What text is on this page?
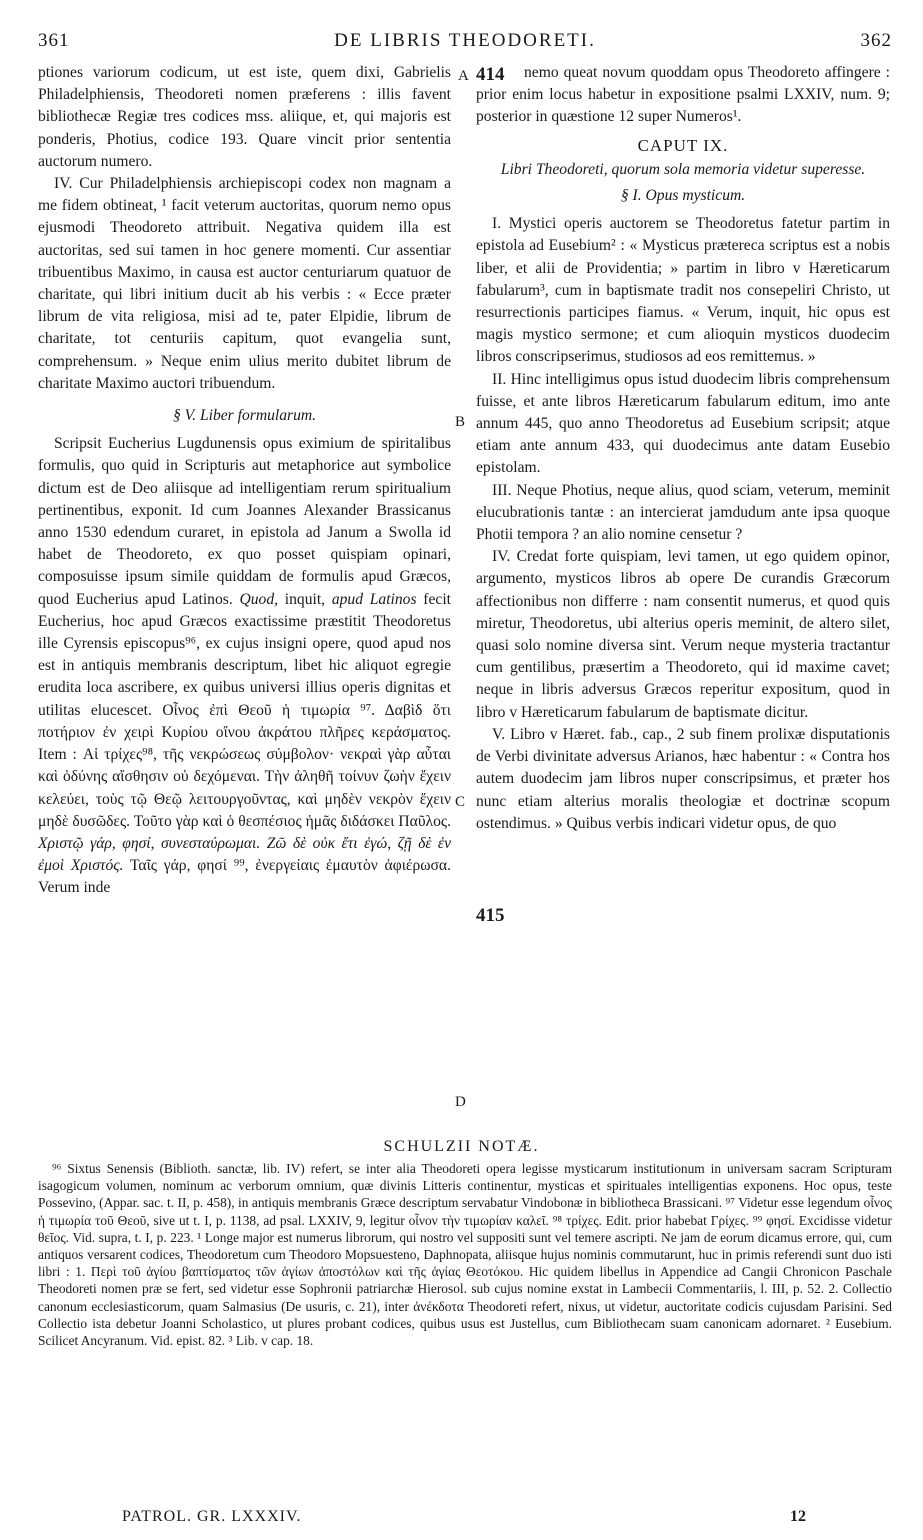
361	DE LIBRIS THEODORETI.	362
A 414
B
C
D
415

ptiones variorum codicum, ut est iste, quem dixi, Gabrielis Philadelphiensis, Theodoreti nomen præferens : illis favent bibliothecæ Regiæ tres codices mss. aliique, et, qui majoris est ponderis, Photius, codice 193. Quare vincit prior sententia auctorum numero.

IV. Cur Philadelphiensis archiepiscopi codex non magnam a me fidem obtineat, ¹ facit veterum auctoritas, quorum nemo opus ejusmodi Theodoreto attribuit. Negativa quidem illa est auctoritas, sed sui tamen in hoc genere momenti. Cur assentiar tribuentibus Maximo, in causa est auctor centuriarum quatuor de charitate, qui libri initium ducit ab his verbis : « Ecce præter librum de vita religiosa, misi ad te, pater Elpidie, librum de charitate, tot centuriis capitum, quot evangelia sunt, comprehensum. » Neque enim ulius merito dubitet librum de charitate Maximo auctori tribuendum.

§ V. Liber formularum.

Scripsit Eucherius Lugdunensis opus eximium de spiritalibus formulis, quo quid in Scripturis aut metaphorice aut symbolice dictum est de Deo aliisque ad intelligentiam rerum spiritualium pertinentibus, exponit. Id cum Joannes Alexander Brassicanus anno 1530 edendum curaret, in epistola ad Janum a Swolla id habet de Theodoreto, ex quo posset quispiam opinari, composuisse ipsum simile quiddam de formulis apud Græcos, quod Eucherius apud Latinos. Quod, inquit, apud Latinos fecit Eucherius, hoc apud Græcos exactissime præstitit Theodoretus ille Cyrensis episcopus⁹⁶, ex cujus insigni opere, quod apud nos est in antiquis membranis descriptum, libet hic aliquot egregie erudita loca ascribere, ex quibus universi illius operis dignitas et utilitas elucescet. Οἶνος ἐπὶ Θεοῦ ἡ τιμωρία ⁹⁷. Δαβὶδ ὅτι ποτήριον ἐν χειρὶ Κυρίου οἴνου ἀκράτου πλῆρες κεράσματος. Item : Αἱ τρίχες⁹⁸, τῆς νεκρώσεως σύμβολον· νεκραὶ γὰρ αὗται καὶ ὀδύνης αἴσθησιν οὐ δεχόμεναι. Τὴν ἀληθῆ τοίνυν ζωὴν ἔχειν κελεύει, τοὺς τῷ Θεῷ λειτουργοῦντας, καὶ μηδὲν νεκρὸν ἔχειν μηδὲ δυσῶδες. Τοῦτο γὰρ καὶ ὁ θεσπέσιος ἡμᾶς διδάσκει Παῦλος. Χριστῷ γάρ, φησί, συνεσταύρωμαι. Ζῶ δὲ οὐκ ἔτι ἐγώ, ζῇ δὲ ἐν ἐμοὶ Χριστός. Ταῖς γάρ, φησί ⁹⁹, ἐνεργείαις ἐμαυτὸν ἀφιέρωσα. Verum inde

nemo queat novum quoddam opus Theodoreto affingere : prior enim locus habetur in expositione psalmi LXXIV, num. 9; posterior in quæstione 12 super Numeros¹.

CAPUT IX.

Libri Theodoreti, quorum sola memoria videtur superesse.

§ I. Opus mysticum.

I. Mystici operis auctorem se Theodoretus fatetur partim in epistola ad Eusebium² : « Mysticus prætereca scriptus est a nobis liber, et alii de Providentia; » partim in libro v Hæreticarum fabularum³, cum in baptismate tradit nos consepeliri Christo, ut resurrectionis participes fiamus. « Verum, inquit, hic opus est magis mystico sermone; et cum alioquin mysticos duodecim libros conscripserimus, studiosos ad eos remittemus. »

II. Hinc intelligimus opus istud duodecim libris comprehensum fuisse, et ante libros Hæreticarum fabularum editum, imo ante annum 445, quo anno Theodoretus ad Eusebium scripsit; atque etiam ante annum 433, qui duodecimus ante datam Eusebio epistolam.

III. Neque Photius, neque alius, quod sciam, veterum, meminit elucubrationis tantæ : an intercierat jamdudum ante ipsa quoque Photii tempora ? an alio nomine censetur ?

IV. Credat forte quispiam, levi tamen, ut ego quidem opinor, argumento, mysticos libros ab opere De curandis Græcorum affectionibus non differre : nam consentit numerus, et quod quis miretur, Theodoretus, ubi alterius operis meminit, de altero silet, quasi solo nomine diversa sint. Verum neque mysteria tractantur cum gentilibus, præsertim a Theodoreto, qui id maxime cavet; neque in libris adversus Græcos reperitur expositum, quod in libro v Hæreticarum fabularum de baptismate dicitur.

V. Libro v Hæret. fab., cap., 2 sub finem prolixæ disputationis de Verbi divinitate adversus Arianos, hæc habentur : « Contra hos autem duodecim jam libros nuper conscripsimus, et præter hos nunc etiam alterius moralis theologiæ et doctrinæ scopum ostendimus. » Quibus verbis indicari videtur opus, de quo

SCHULZII NOTÆ.

⁹⁶ Sixtus Senensis (Biblioth. sanctæ, lib. IV) refert, se inter alia Theodoreti opera legisse mysticarum institutionum in universam sacram Scripturam isagogicum volumen, nominum ac verborum omnium, quæ divinis Litteris continentur, mysticas et spirituales intelligentias exponens. Hoc opus, teste Possevino, (Appar. sac. t. II, p. 458), in antiquis membranis Græce descriptum servabatur Vindobonæ in bibliotheca Brassicani. ⁹⁷ Videtur esse legendum οἶνος ἡ τιμωρία τοῦ Θεοῦ, sive ut t. I, p. 1138, ad psal. LXXIV, 9, legitur οἶνον τὴν τιμωρίαν καλεῖ. ⁹⁸ τρίχες. Edit. prior habebat Γρίχες. ⁹⁹ φησί. Excidisse videtur θεῖος. Vid. supra, t. I, p. 223. ¹ Longe major est numerus librorum, qui nostro vel suppositi sunt vel temere ascripti. Ne jam de eorum dicamus errore, qui, cum antiquos versarent codices, Theodoretum cum Theodoro Mopsuesteno, Daphnopata, aliisque hujus nominis commutarunt, huc in primis referendi sunt duo isti libri : 1. Περὶ τοῦ ἁγίου βαπτίσματος τῶν ἁγίων ἀποστόλων καὶ τῆς ἁγίας Θεοτόκου. Hic quidem libellus in Appendice ad Cangii Chronicon Paschale Theodoreti nomen præ se fert, sed videtur esse Sophronii patriarchæ Hierosol. sub cujus nomine exstat in Lambecii Commentariis, l. III, p. 52. 2. Collectio canonum ecclesiasticorum, quam Salmasius (De usuris, c. 21), inter ἀνέκδοτα Theodoreti refert, nixus, ut videtur, auctoritate codicis cujusdam Parisini. Sed Collectio ista debetur Joanni Scholastico, ut plures probant codices, quibus usus est Justellus, cum Bibliothecam suam canonicam adornaret. ² Eusebium. Scilicet Ancyranum. Vid. epist. 82. ³ Lib. v cap. 18.

PATROL. GR. LXXXIV.	12
